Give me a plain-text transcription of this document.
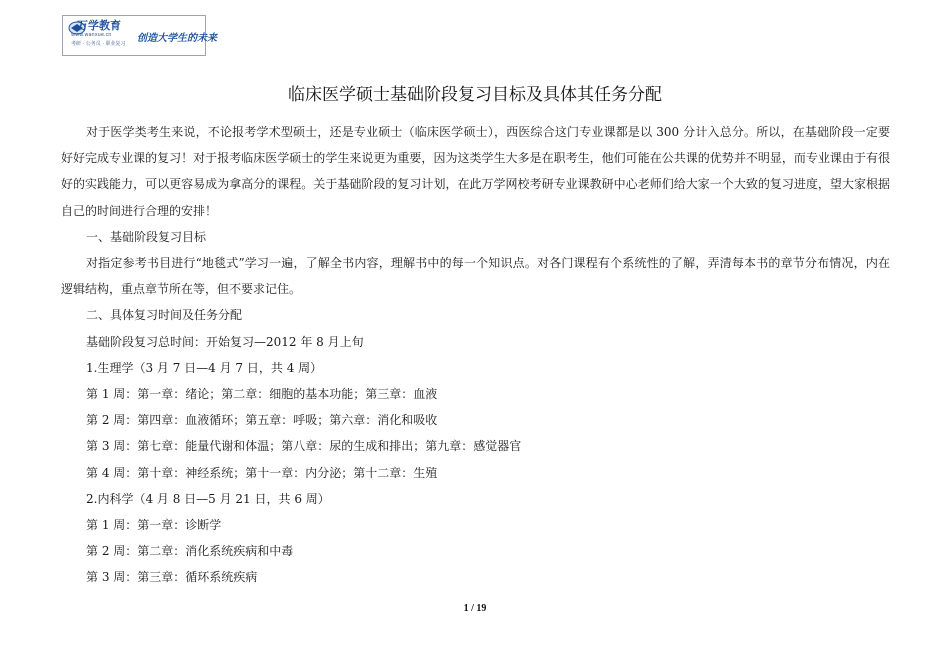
万学教育
www.wanxue.cn
考研 · 公务员 · 职业复习 创造大学生的未来
临床医学硕士基础阶段复习目标及具体其任务分配

对于医学类考生来说，不论报考学术型硕士，还是专业硕士（临床医学硕士），西医综合这门专业课都是以 300 分计入总分。所以，在基础阶段一定要好好完成专业课的复习！对于报考临床医学硕士的学生来说更为重要，因为这类学生大多是在职考生，他们可能在公共课的优势并不明显，而专业课由于有很好的实践能力，可以更容易成为拿高分的课程。关于基础阶段的复习计划，在此万学网校考研专业课教研中心老师们给大家一个大致的复习进度，望大家根据自己的时间进行合理的安排！

一、基础阶段复习目标

对指定参考书目进行“地毯式”学习一遍，了解全书内容，理解书中的每一个知识点。对各门课程有个系统性的了解，弄清每本书的章节分布情况，内在逻辑结构，重点章节所在等，但不要求记住。

二、具体复习时间及任务分配

基础阶段复习总时间：开始复习—2012 年 8 月上旬

1.生理学（3 月 7 日—4 月 7 日，共 4 周）

第 1 周：第一章：绪论；第二章：细胞的基本功能；第三章：血液

第 2 周：第四章：血液循环；第五章：呼吸；第六章：消化和吸收

第 3 周：第七章：能量代谢和体温；第八章：尿的生成和排出；第九章：感觉器官

第 4 周：第十章：神经系统；第十一章：内分泌；第十二章：生殖

2.内科学（4 月 8 日—5 月 21 日，共 6 周）

第 1 周：第一章：诊断学

第 2 周：第二章：消化系统疾病和中毒

第 3 周：第三章：循环系统疾病

1 / 19
